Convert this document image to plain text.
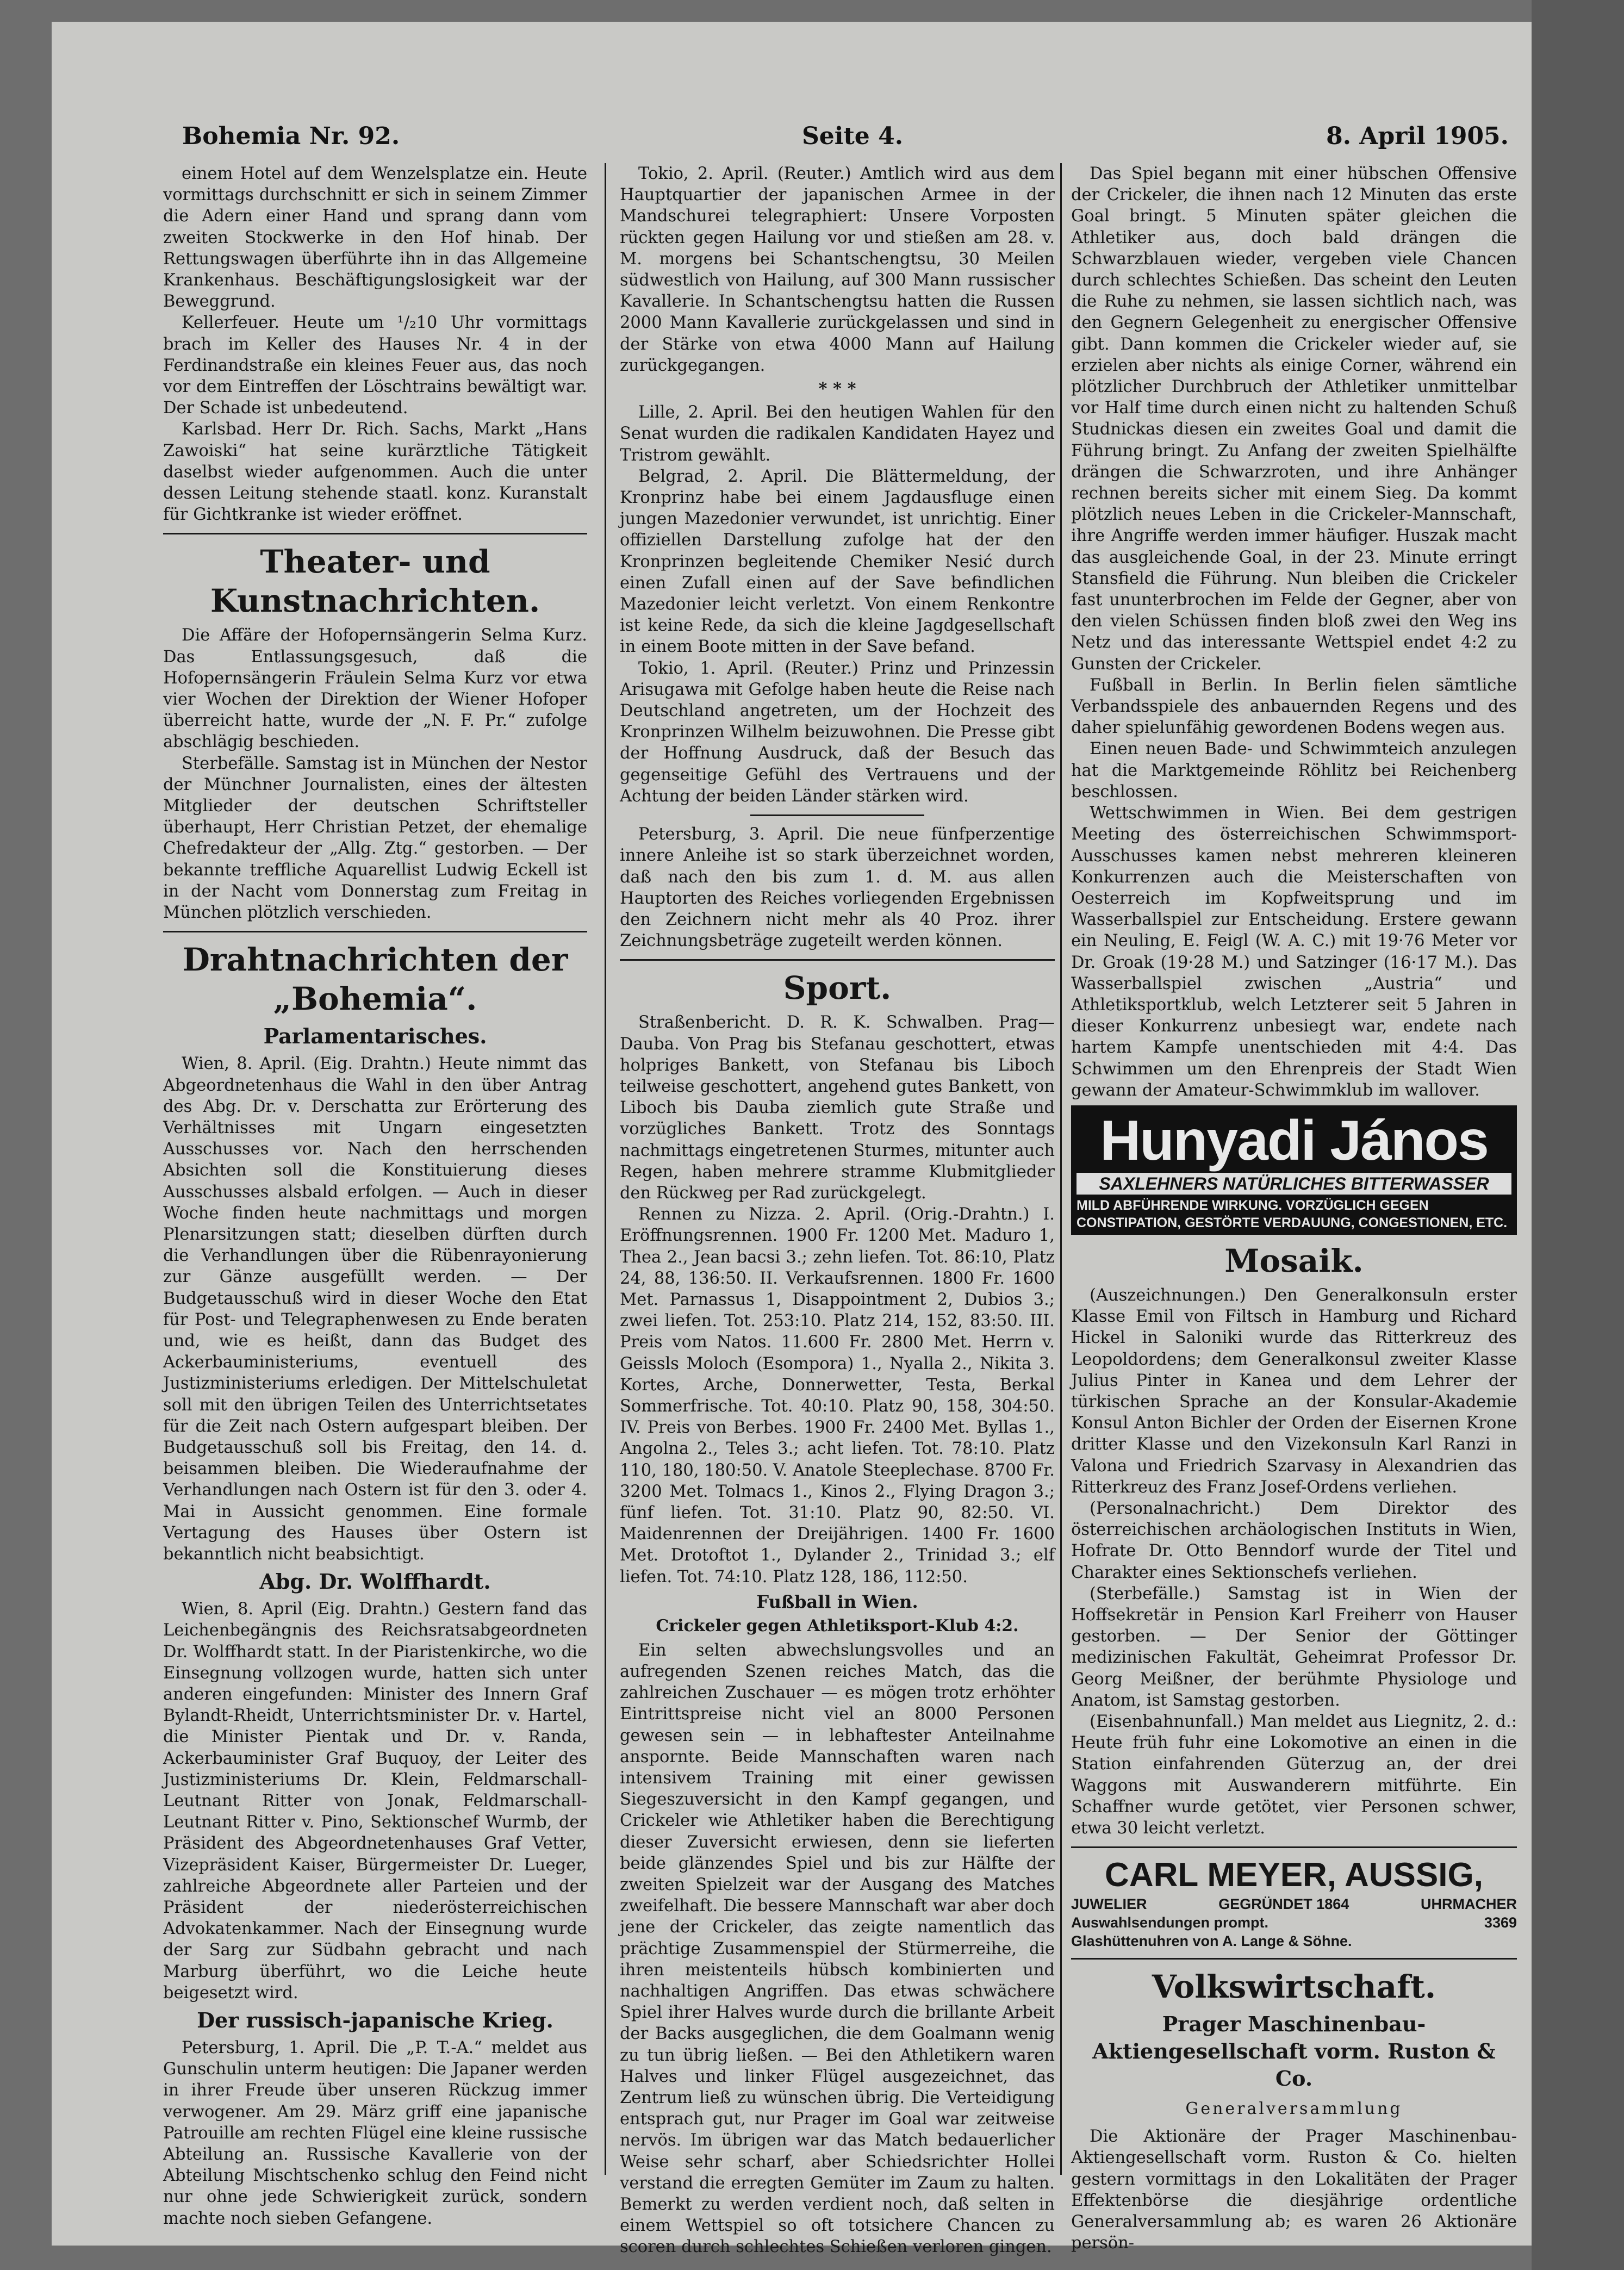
Bohemia Nr. 92.	Seite 4.	8. April 1905.

einem Hotel auf dem Wenzelsplatze ein. Heute vormittags durchschnitt er sich in seinem Zimmer die Adern einer Hand und sprang dann vom zweiten Stockwerke in den Hof hinab. Der Rettungswagen überführte ihn in das Allgemeine Krankenhaus. Beschäftigungslosigkeit war der Beweggrund.

Kellerfeuer. Heute um ¹/₂10 Uhr vormittags brach im Keller des Hauses Nr. 4 in der Ferdinandstraße ein kleines Feuer aus, das noch vor dem Eintreffen der Löschtrains bewältigt war. Der Schade ist unbedeutend.

Karlsbad. Herr Dr. Rich. Sachs, Markt „Hans Zawoiski“ hat seine kurärztliche Tätigkeit daselbst wieder aufgenommen. Auch die unter dessen Leitung stehende staatl. konz. Kuranstalt für Gichtkranke ist wieder eröffnet.

Theater- und Kunstnachrichten.

Die Affäre der Hofopernsängerin Selma Kurz. Das Entlassungsgesuch, daß die Hofopernsängerin Fräulein Selma Kurz vor etwa vier Wochen der Direktion der Wiener Hofoper überreicht hatte, wurde der „N. F. Pr.“ zufolge abschlägig beschieden.

Sterbefälle. Samstag ist in München der Nestor der Münchner Journalisten, eines der ältesten Mitglieder der deutschen Schriftsteller überhaupt, Herr Christian Petzet, der ehemalige Chefredakteur der „Allg. Ztg.“ gestorben. — Der bekannte treffliche Aquarellist Ludwig Eckell ist in der Nacht vom Donnerstag zum Freitag in München plötzlich verschieden.

Drahtnachrichten der „Bohemia“.
Parlamentarisches.

Wien, 8. April. (Eig. Drahtn.) Heute nimmt das Abgeordnetenhaus die Wahl in den über Antrag des Abg. Dr. v. Derschatta zur Erörterung des Verhältnisses mit Ungarn eingesetzten Ausschusses vor. Nach den herrschenden Absichten soll die Konstituierung dieses Ausschusses alsbald erfolgen. — Auch in dieser Woche finden heute nachmittags und morgen Plenarsitzungen statt; dieselben dürften durch die Verhandlungen über die Rübenrayonierung zur Gänze ausgefüllt werden. — Der Budgetausschuß wird in dieser Woche den Etat für Post- und Telegraphenwesen zu Ende beraten und, wie es heißt, dann das Budget des Ackerbauministeriums, eventuell des Justizministeriums erledigen. Der Mittelschuletat soll mit den übrigen Teilen des Unterrichtsetates für die Zeit nach Ostern aufgespart bleiben. Der Budgetausschuß soll bis Freitag, den 14. d. beisammen bleiben. Die Wiederaufnahme der Verhandlungen nach Ostern ist für den 3. oder 4. Mai in Aussicht genommen. Eine formale Vertagung des Hauses über Ostern ist bekanntlich nicht beabsichtigt.

Abg. Dr. Wolffhardt.

Wien, 8. April (Eig. Drahtn.) Gestern fand das Leichenbegängnis des Reichsratsabgeordneten Dr. Wolffhardt statt. In der Piaristenkirche, wo die Einsegnung vollzogen wurde, hatten sich unter anderen eingefunden: Minister des Innern Graf Bylandt-Rheidt, Unterrichtsminister Dr. v. Hartel, die Minister Pientak und Dr. v. Randa, Ackerbauminister Graf Buquoy, der Leiter des Justizministeriums Dr. Klein, Feldmarschall-Leutnant Ritter von Jonak, Feldmarschall-Leutnant Ritter v. Pino, Sektionschef Wurmb, der Präsident des Abgeordnetenhauses Graf Vetter, Vizepräsident Kaiser, Bürgermeister Dr. Lueger, zahlreiche Abgeordnete aller Parteien und der Präsident der niederösterreichischen Advokatenkammer. Nach der Einsegnung wurde der Sarg zur Südbahn gebracht und nach Marburg überführt, wo die Leiche heute beigesetzt wird.

Der russisch-japanische Krieg.

Petersburg, 1. April. Die „P. T.-A.“ meldet aus Gunschulin unterm heutigen: Die Japaner werden in ihrer Freude über unseren Rückzug immer verwogener. Am 29. März griff eine japanische Patrouille am rechten Flügel eine kleine russische Abteilung an. Russische Kavallerie von der Abteilung Mischtschenko schlug den Feind nicht nur ohne jede Schwierigkeit zurück, sondern machte noch sieben Gefangene.

Tokio, 2. April. (Reuter.) Amtlich wird aus dem Hauptquartier der japanischen Armee in der Mandschurei telegraphiert: Unsere Vorposten rückten gegen Hailung vor und stießen am 28. v. M. morgens bei Schantschengtsu, 30 Meilen südwestlich von Hailung, auf 300 Mann russischer Kavallerie. In Schantschengtsu hatten die Russen 2000 Mann Kavallerie zurückgelassen und sind in der Stärke von etwa 4000 Mann auf Hailung zurückgegangen.

* * *

Lille, 2. April. Bei den heutigen Wahlen für den Senat wurden die radikalen Kandidaten Hayez und Tristrom gewählt.

Belgrad, 2. April. Die Blättermeldung, der Kronprinz habe bei einem Jagdausfluge einen jungen Mazedonier verwundet, ist unrichtig. Einer offiziellen Darstellung zufolge hat der den Kronprinzen begleitende Chemiker Nesić durch einen Zufall einen auf der Save befindlichen Mazedonier leicht verletzt. Von einem Renkontre ist keine Rede, da sich die kleine Jagdgesellschaft in einem Boote mitten in der Save befand.

Tokio, 1. April. (Reuter.) Prinz und Prinzessin Arisugawa mit Gefolge haben heute die Reise nach Deutschland angetreten, um der Hochzeit des Kronprinzen Wilhelm beizuwohnen. Die Presse gibt der Hoffnung Ausdruck, daß der Besuch das gegenseitige Gefühl des Vertrauens und der Achtung der beiden Länder stärken wird.

Petersburg, 3. April. Die neue fünfperzentige innere Anleihe ist so stark überzeichnet worden, daß nach den bis zum 1. d. M. aus allen Hauptorten des Reiches vorliegenden Ergebnissen den Zeichnern nicht mehr als 40 Proz. ihrer Zeichnungsbeträge zugeteilt werden können.

Sport.

Straßenbericht. D. R. K. Schwalben. Prag—Dauba. Von Prag bis Stefanau geschottert, etwas holpriges Bankett, von Stefanau bis Liboch teilweise geschottert, angehend gutes Bankett, von Liboch bis Dauba ziemlich gute Straße und vorzügliches Bankett. Trotz des Sonntags nachmittags eingetretenen Sturmes, mitunter auch Regen, haben mehrere stramme Klubmitglieder den Rückweg per Rad zurückgelegt.

Rennen zu Nizza. 2. April. (Orig.-Drahtn.) I. Eröffnungsrennen. 1900 Fr. 1200 Met. Maduro 1, Thea 2., Jean bacsi 3.; zehn liefen. Tot. 86:10, Platz 24, 88, 136:50. II. Verkaufsrennen. 1800 Fr. 1600 Met. Parnassus 1, Disappointment 2, Dubios 3.; zwei liefen. Tot. 253:10. Platz 214, 152, 83:50. III. Preis vom Natos. 11.600 Fr. 2800 Met. Herrn v. Geissls Moloch (Esompora) 1., Nyalla 2., Nikita 3. Kortes, Arche, Donnerwetter, Testa, Berkal Sommerfrische. Tot. 40:10. Platz 90, 158, 304:50. IV. Preis von Berbes. 1900 Fr. 2400 Met. Byllas 1., Angolna 2., Teles 3.; acht liefen. Tot. 78:10. Platz 110, 180, 180:50. V. Anatole Steeplechase. 8700 Fr. 3200 Met. Tolmacs 1., Kinos 2., Flying Dragon 3.; fünf liefen. Tot. 31:10. Platz 90, 82:50. VI. Maidenrennen der Dreijährigen. 1400 Fr. 1600 Met. Drotoftot 1., Dylander 2., Trinidad 3.; elf liefen. Tot. 74:10. Platz 128, 186, 112:50.

Fußball in Wien.
Crickeler gegen Athletiksport-Klub 4:2.

Ein selten abwechslungsvolles und an aufregenden Szenen reiches Match, das die zahlreichen Zuschauer — es mögen trotz erhöhter Eintrittspreise nicht viel an 8000 Personen gewesen sein — in lebhaftester Anteilnahme anspornte. Beide Mannschaften waren nach intensivem Training mit einer gewissen Siegeszuversicht in den Kampf gegangen, und Crickeler wie Athletiker haben die Berechtigung dieser Zuversicht erwiesen, denn sie lieferten beide glänzendes Spiel und bis zur Hälfte der zweiten Spielzeit war der Ausgang des Matches zweifelhaft. Die bessere Mannschaft war aber doch jene der Crickeler, das zeigte namentlich das prächtige Zusammenspiel der Stürmerreihe, die ihren meistenteils hübsch kombinierten und nachhaltigen Angriffen. Das etwas schwächere Spiel ihrer Halves wurde durch die brillante Arbeit der Backs ausgeglichen, die dem Goalmann wenig zu tun übrig ließen. — Bei den Athletikern waren Halves und linker Flügel ausgezeichnet, das Zentrum ließ zu wünschen übrig. Die Verteidigung entsprach gut, nur Prager im Goal war zeitweise nervös. Im übrigen war das Match bedauerlicher Weise sehr scharf, aber Schiedsrichter Hollei verstand die erregten Gemüter im Zaum zu halten. Bemerkt zu werden verdient noch, daß selten in einem Wettspiel so oft totsichere Chancen zu scoren durch schlechtes Schießen verloren gingen.

Das Spiel begann mit einer hübschen Offensive der Crickeler, die ihnen nach 12 Minuten das erste Goal bringt. 5 Minuten später gleichen die Athletiker aus, doch bald drängen die Schwarzblauen wieder, vergeben viele Chancen durch schlechtes Schießen. Das scheint den Leuten die Ruhe zu nehmen, sie lassen sichtlich nach, was den Gegnern Gelegenheit zu energischer Offensive gibt. Dann kommen die Crickeler wieder auf, sie erzielen aber nichts als einige Corner, während ein plötzlicher Durchbruch der Athletiker unmittelbar vor Half time durch einen nicht zu haltenden Schuß Studnickas diesen ein zweites Goal und damit die Führung bringt. Zu Anfang der zweiten Spielhälfte drängen die Schwarzroten, und ihre Anhänger rechnen bereits sicher mit einem Sieg. Da kommt plötzlich neues Leben in die Crickeler-Mannschaft, ihre Angriffe werden immer häufiger. Huszak macht das ausgleichende Goal, in der 23. Minute erringt Stansfield die Führung. Nun bleiben die Crickeler fast ununterbrochen im Felde der Gegner, aber von den vielen Schüssen finden bloß zwei den Weg ins Netz und das interessante Wettspiel endet 4:2 zu Gunsten der Crickeler.

Fußball in Berlin. In Berlin fielen sämtliche Verbandsspiele des anbauernden Regens und des daher spielunfähig gewordenen Bodens wegen aus.

Einen neuen Bade- und Schwimmteich anzulegen hat die Marktgemeinde Röhlitz bei Reichenberg beschlossen.

Wettschwimmen in Wien. Bei dem gestrigen Meeting des österreichischen Schwimmsport-Ausschusses kamen nebst mehreren kleineren Konkurrenzen auch die Meisterschaften von Oesterreich im Kopfweitsprung und im Wasserballspiel zur Entscheidung. Erstere gewann ein Neuling, E. Feigl (W. A. C.) mit 19·76 Meter vor Dr. Groak (19·28 M.) und Satzinger (16·17 M.). Das Wasserballspiel zwischen „Austria“ und Athletiksportklub, welch Letzterer seit 5 Jahren in dieser Konkurrenz unbesiegt war, endete nach hartem Kampfe unentschieden mit 4:4. Das Schwimmen um den Ehrenpreis der Stadt Wien gewann der Amateur-Schwimmklub im wallover.

Hunyadi János
SAXLEHNERS NATÜRLICHES BITTERWASSER
MILD ABFÜHRENDE WIRKUNG. VORZÜGLICH GEGEN
CONSTIPATION, GESTÖRTE VERDAUUNG, CONGESTIONEN, ETC.
Mosaik.

(Auszeichnungen.) Den Generalkonsuln erster Klasse Emil von Filtsch in Hamburg und Richard Hickel in Saloniki wurde das Ritterkreuz des Leopoldordens; dem Generalkonsul zweiter Klasse Julius Pinter in Kanea und dem Lehrer der türkischen Sprache an der Konsular-Akademie Konsul Anton Bichler der Orden der Eisernen Krone dritter Klasse und den Vizekonsuln Karl Ranzi in Valona und Friedrich Szarvasy in Alexandrien das Ritterkreuz des Franz Josef-Ordens verliehen.

(Personalnachricht.) Dem Direktor des österreichischen archäologischen Instituts in Wien, Hofrate Dr. Otto Benndorf wurde der Titel und Charakter eines Sektionschefs verliehen.

(Sterbefälle.) Samstag ist in Wien der Hoffsekretär in Pension Karl Freiherr von Hauser gestorben. — Der Senior der Göttinger medizinischen Fakultät, Geheimrat Professor Dr. Georg Meißner, der berühmte Physiologe und Anatom, ist Samstag gestorben.

(Eisenbahnunfall.) Man meldet aus Liegnitz, 2. d.: Heute früh fuhr eine Lokomotive an einen in die Station einfahrenden Güterzug an, der drei Waggons mit Auswanderern mitführte. Ein Schaffner wurde getötet, vier Personen schwer, etwa 30 leicht verletzt.

CARL MEYER, AUSSIG,
JUWELIER	GEGRÜNDET 1864	UHRMACHER
Auswahlsendungen prompt.	3369
Glashüttenuhren von A. Lange & Söhne.
Volkswirtschaft.
Prager Maschinenbau-Aktiengesellschaft vorm. Ruston & Co.
Generalversammlung

Die Aktionäre der Prager Maschinenbau-Aktiengesellschaft vorm. Ruston & Co. hielten gestern vormittags in den Lokalitäten der Prager Effektenbörse die diesjährige ordentliche Generalversammlung ab; es waren 26 Aktionäre persön-
